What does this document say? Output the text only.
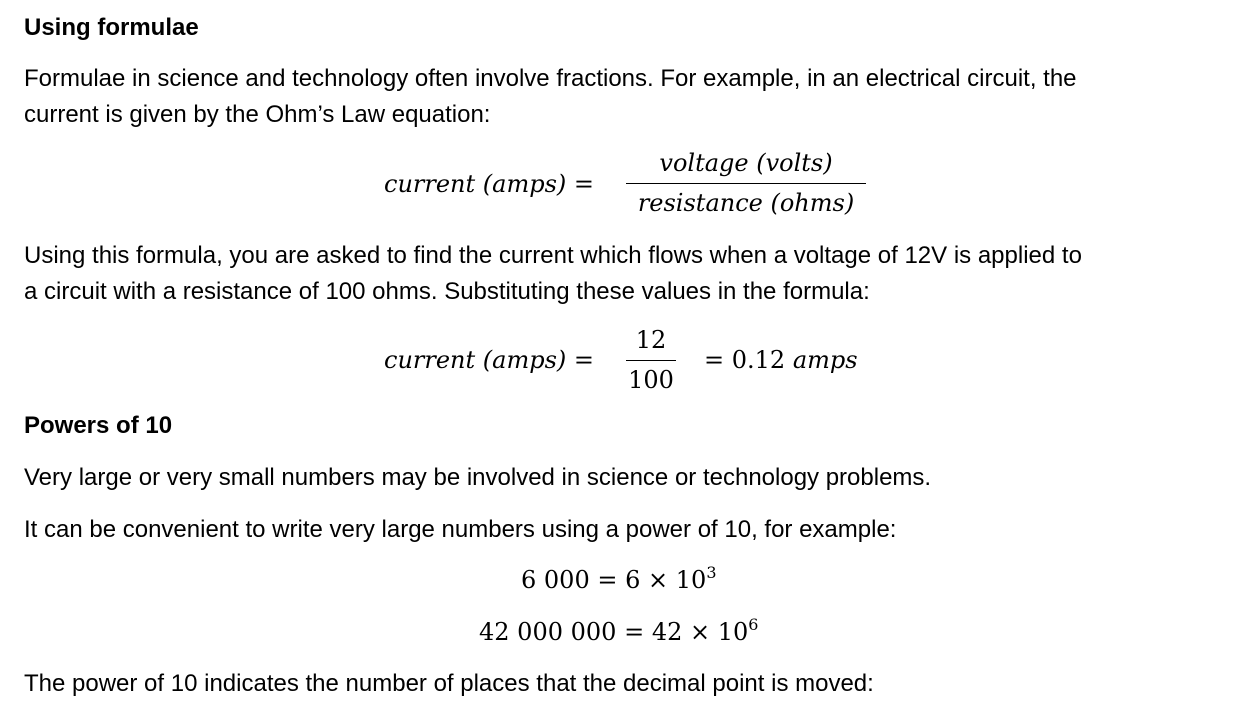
Using formulae
Formulae in science and technology often involve fractions. For example, in an electrical circuit, the
current is given by the Ohm’s Law equation:
current (amps) =
voltage (volts)
resistance (ohms)
Using this formula, you are asked to find the current which flows when a voltage of 12V is applied to
a circuit with a resistance of 100 ohms. Substituting these values in the formula:
current (amps) =
12
100
= 0.12 amps
Powers of 10
Very large or very small numbers may be involved in science or technology problems.
It can be convenient to write very large numbers using a power of 10, for example:
6 $000 = 6 \times 10^3$
42 000 $000 = 42 \times 10^6$
The power of 10 indicates the number of places that the decimal point is moved:
